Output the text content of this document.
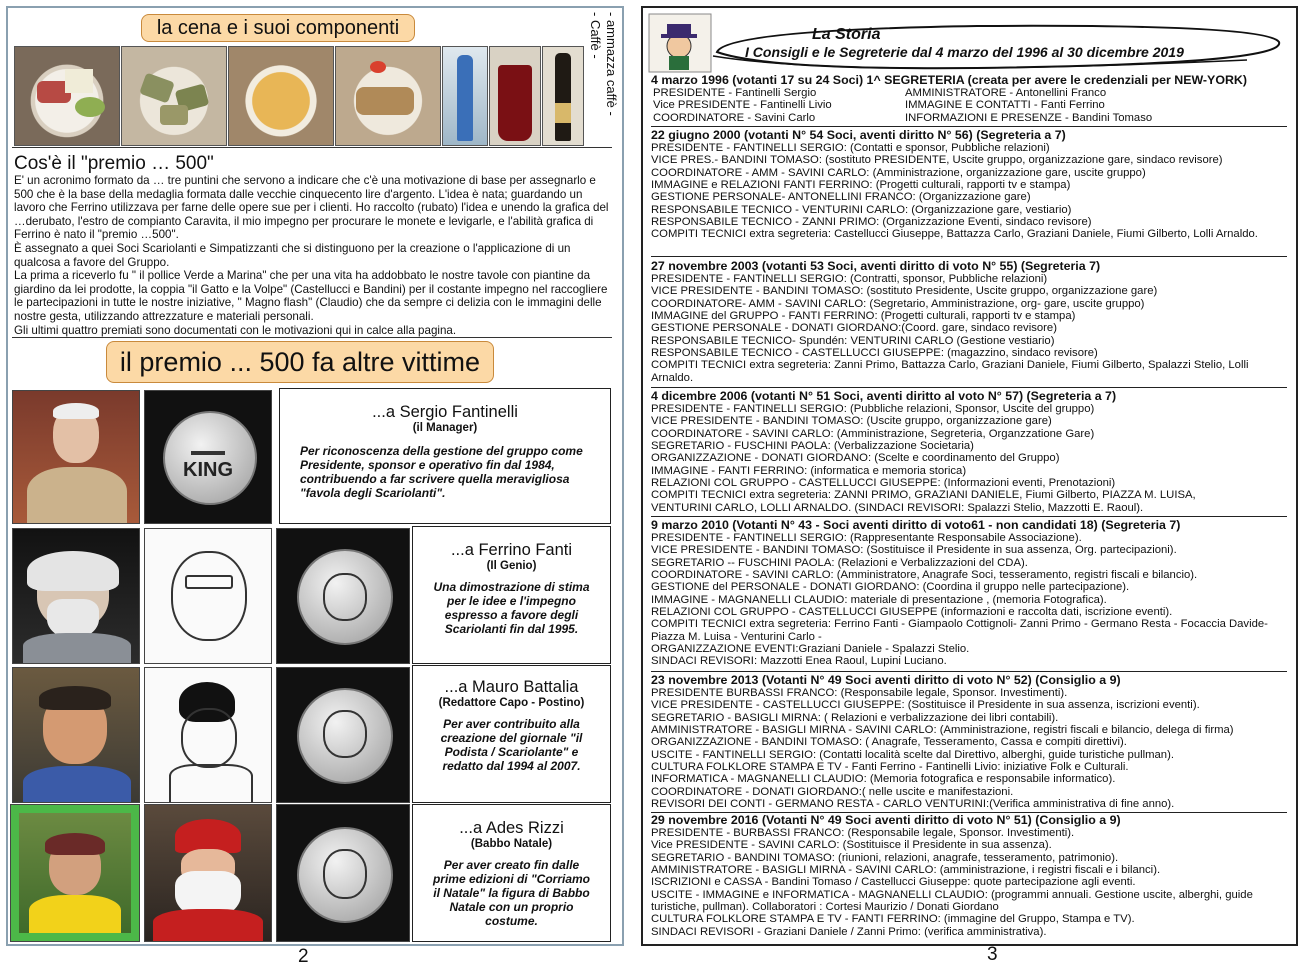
la cena e i suoi componenti	- Caffè - - ammazza caffè -
Cos'è il "premio … 500"

E' un acronimo formato da … tre puntini che servono a indicare che c'è una motivazione di base per assegnarlo e 500 che è la base della medaglia formata dalle vecchie cinquecento lire d'argento. L'idea è nata; guardando un lavoro che Ferrino utilizzava per farne delle opere sue per i clienti. Ho raccolto (rubato) l'idea e unendo la grafica del …derubato, l'estro de compianto Caravita, il mio impegno per procurare le monete e levigarle, e l'abilità grafica di Ferrino è nato il "premio …500".

È assegnato a quei Soci Scariolanti e Simpatizzanti che si distinguono per la creazione o l'applicazione di un qualcosa a favore del Gruppo.

La prima a riceverlo fu " il pollice Verde a Marina" che per una vita ha addobbato le nostre tavole con piantine da giardino da lei prodotte, la coppia "il Gatto e la Volpe" (Castellucci e Bandini) per il costante impegno nel raccogliere le partecipazioni in tutte le nostre iniziative, " Magno flash" (Claudio) che da sempre ci delizia con le immagini delle nostre gesta, utilizzando attrezzature e materiali personali.

Gli ultimi quattro premiati sono documentati con le motivazioni qui in calce alla pagina.

il premio ... 500 fa altre vittime
KING
...a Sergio Fantinelli
(il Manager)
Per riconoscenza della gestione del gruppo come Presidente, sponsor e operativo fin dal 1984, contribuendo a far scrivere quella meravigliosa "favola degli Scariolanti".
...a Ferrino Fanti
(Il Genio)
Una dimostrazione di stima per le idee e l'impegno espresso a favore degli Scariolanti fin dal 1995.
...a Mauro Battalia
(Redattore Capo - Postino)
Per aver contribuito alla creazione del giornale "il Podista / Scariolante" e redatto dal 1994 al 2007.
...a Ades Rizzi
(Babbo Natale)
Per aver creato fin dalle prime edizioni di "Corriamo il Natale" la figura di Babbo Natale con un proprio costume.
2
La Storia
I Consigli e le Segreterie dal 4 marzo del 1996 al 30 dicembre 2019
4 marzo 1996 (votanti 17 su 24 Soci) 1^ SEGRETERIA (creata per avere le credenziali per NEW-YORK)
PRESIDENTE - Fantinelli Sergio
Vice PRESIDENTE - Fantinelli Livio
COORDINATORE - Savini Carlo
AMMINISTRATORE - Antonellini Franco
IMMAGINE E CONTATTI - Fanti Ferrino
INFORMAZIONI E PRESENZE - Bandini Tomaso
22 giugno 2000 (votanti N° 54 Soci, aventi diritto N° 56) (Segreteria a 7)
PRESIDENTE - FANTINELLI SERGIO: (Contatti e sponsor, Pubbliche relazioni)
VICE PRES.- BANDINI TOMASO: (sostituto PRESIDENTE, Uscite gruppo, organizzazione gare, sindaco revisore)
COORDINATORE - AMM - SAVINI CARLO: (Amministrazione, organizzazione gare, uscite gruppo)
IMMAGINE e RELAZIONI FANTI FERRINO: (Progetti culturali, rapporti tv e stampa)
GESTIONE PERSONALE- ANTONELLINI FRANCO: (Organizzazione gare)
RESPONSABILE TECNICO - VENTURINI CARLO: (Organizzazione gare, vestiario)
RESPONSABILE TECNICO - ZANNI PRIMO: (Organizzazione Eventi, sindaco revisore)
COMPITI TECNICI extra segreteria: Castellucci Giuseppe, Battazza Carlo, Graziani Daniele, Fiumi Gilberto, Lolli Arnaldo.
27 novembre 2003 (votanti 53 Soci, aventi diritto di voto N° 55) (Segreteria 7)
PRESIDENTE - FANTINELLI SERGIO: (Contratti, sponsor, Pubbliche relazioni)
VICE PRESIDENTE - BANDINI TOMASO: (sostituto Presidente, Uscite gruppo, organizzazione gare)
COORDINATORE- AMM - SAVINI CARLO: (Segretario, Amministrazione, org- gare, uscite gruppo)
IMMAGINE del GRUPPO - FANTI FERRINO: (Progetti culturali, rapporti tv e stampa)
GESTIONE PERSONALE - DONATI GIORDANO:(Coord. gare, sindaco revisore)
RESPONSABILE TECNICO- Spundén: VENTURINI CARLO (Gestione vestiario)
RESPONSABILE TECNICO - CASTELLUCCI GIUSEPPE: (magazzino, sindaco revisore)
COMPITI TECNICI extra segreteria: Zanni Primo, Battazza Carlo, Graziani Daniele, Fiumi Gilberto, Spalazzi Stelio, Lolli Arnaldo.
4 dicembre 2006 (votanti N° 51 Soci, aventi diritto al voto N° 57) (Segreteria a 7)
PRESIDENTE - FANTINELLI SERGIO: (Pubbliche relazioni, Sponsor, Uscite del gruppo)
VICE PRESIDENTE - BANDINI TOMASO: (Uscite gruppo, organizzazione gare)
COORDINATORE - SAVINI CARLO: (Amministrazione, Segreteria, Organzzatione Gare)
SEGRETARIO - FUSCHINI PAOLA: (Verbalizzazione Societaria)
ORGANIZZAZIONE - DONATI GIORDANO: (Scelte e coordinamento del Gruppo)
IMMAGINE - FANTI FERRINO: (informatica e memoria storica)
RELAZIONI COL GRUPPO - CASTELLUCCI GIUSEPPE: (Informazioni eventi, Prenotazioni)
COMPITI TECNICI extra segreteria: ZANNI PRIMO, GRAZIANI DANIELE, Fiumi Gilberto, PIAZZA M. LUISA,
VENTURINI CARLO, LOLLI ARNALDO. (SINDACI REVISORI: Spalazzi Stelio, Mazzotti E. Raoul).
9 marzo 2010 (Votanti N° 43 - Soci aventi diritto di voto61 - non candidati 18) (Segreteria 7)
PRESIDENTE - FANTINELLI SERGIO: (Rappresentante Responsabile Associazione).
VICE PRESIDENTE - BANDINI TOMASO: (Sostituisce il Presidente in sua assenza, Org. partecipazioni).
SEGRETARIO -- FUSCHINI PAOLA: (Relazioni e Verbalizzazioni del CDA).
COORDINATORE - SAVINI CARLO: (Amministratore, Anagrafe Soci, tesseramento, registri fiscali e bilancio).
GESTIONE del PERSONALE - DONATI GIORDANO: (Coordina il gruppo nelle partecipazione).
IMMAGINE - MAGNANELLI CLAUDIO: materiale di presentazione , (memoria Fotografica).
RELAZIONI COL GRUPPO - CASTELLUCCI GIUSEPPE (informazioni e raccolta dati, iscrizione eventi).
COMPITI TECNICI extra segreteria: Ferrino Fanti - Giampaolo Cottignoli- Zanni Primo - Germano Resta - Focaccia Davide- Piazza M. Luisa - Venturini Carlo -
ORGANIZZAZIONE EVENTI:Graziani Daniele - Spalazzi Stelio.
SINDACI REVISORI: Mazzotti Enea Raoul, Lupini Luciano.
23 novembre 2013 (Votanti N° 49 Soci aventi diritto di voto N° 52) (Consiglio a 9)
PRESIDENTE BURBASSI FRANCO: (Responsabile legale, Sponsor. Investimenti).
VICE PRESIDENTE - CASTELLUCCI GIUSEPPE: (Sostituisce il Presidente in sua assenza, iscrizioni eventi).
SEGRETARIO - BASIGLI MIRNA: ( Relazioni e verbalizzazione dei libri contabili).
AMMINISTRATORE - BASIGLI MIRNA - SAVINI CARLO: (Amministrazione, registri fiscali e bilancio, delega di firma)
ORGANIZZAZIONE - BANDINI TOMASO: ( Anagrafe, Tesseramento, Cassa e compiti direttivi).
USCITE - FANTINELLI SERGIO: (Contatti località scelte dal Direttivo, alberghi, guide turistiche pullman).
CULTURA FOLKLORE STAMPA E TV - Fanti Ferrino - Fantinelli Livio: iniziative Folk e Culturali.
INFORMATICA - MAGNANELLI CLAUDIO: (Memoria fotografica e responsabile informatico).
COORDINATORE - DONATI GIORDANO:( nelle uscite e manifestazioni.
REVISORI DEI CONTI - GERMANO RESTA - CARLO VENTURINI:(Verifica amministrativa di fine anno).
29 novembre 2016 (Votanti N° 49 Soci aventi diritto di voto N° 51) (Consiglio a 9)
PRESIDENTE - BURBASSI FRANCO: (Responsabile legale, Sponsor. Investimenti).
Vice PRESIDENTE - SAVINI CARLO: (Sostituisce il Presidente in sua assenza).
SEGRETARIO - BANDINI TOMASO: (riunioni, relazioni, anagrafe, tesseramento, patrimonio).
AMMINISTRATORE - BASIGLI MIRNA - SAVINI CARLO: (amministrazione, i registri fiscali e i bilanci).
ISCRIZIONI e CASSA - Bandini Tomaso / Castellucci Giuseppe: quote partecipazione agli eventi.
USCITE - IMMAGINE e INFORMATICA - MAGNANELLI CLAUDIO: (programmi annuali. Gestione uscite, alberghi, guide turistiche, pullman). Collaboratori : Cortesi Maurizio / Donati Giordano
CULTURA FOLKLORE STAMPA E TV - FANTI FERRINO: (immagine del Gruppo, Stampa e TV).
SINDACI REVISORI - Graziani Daniele / Zanni Primo: (verifica amministrativa).
3
